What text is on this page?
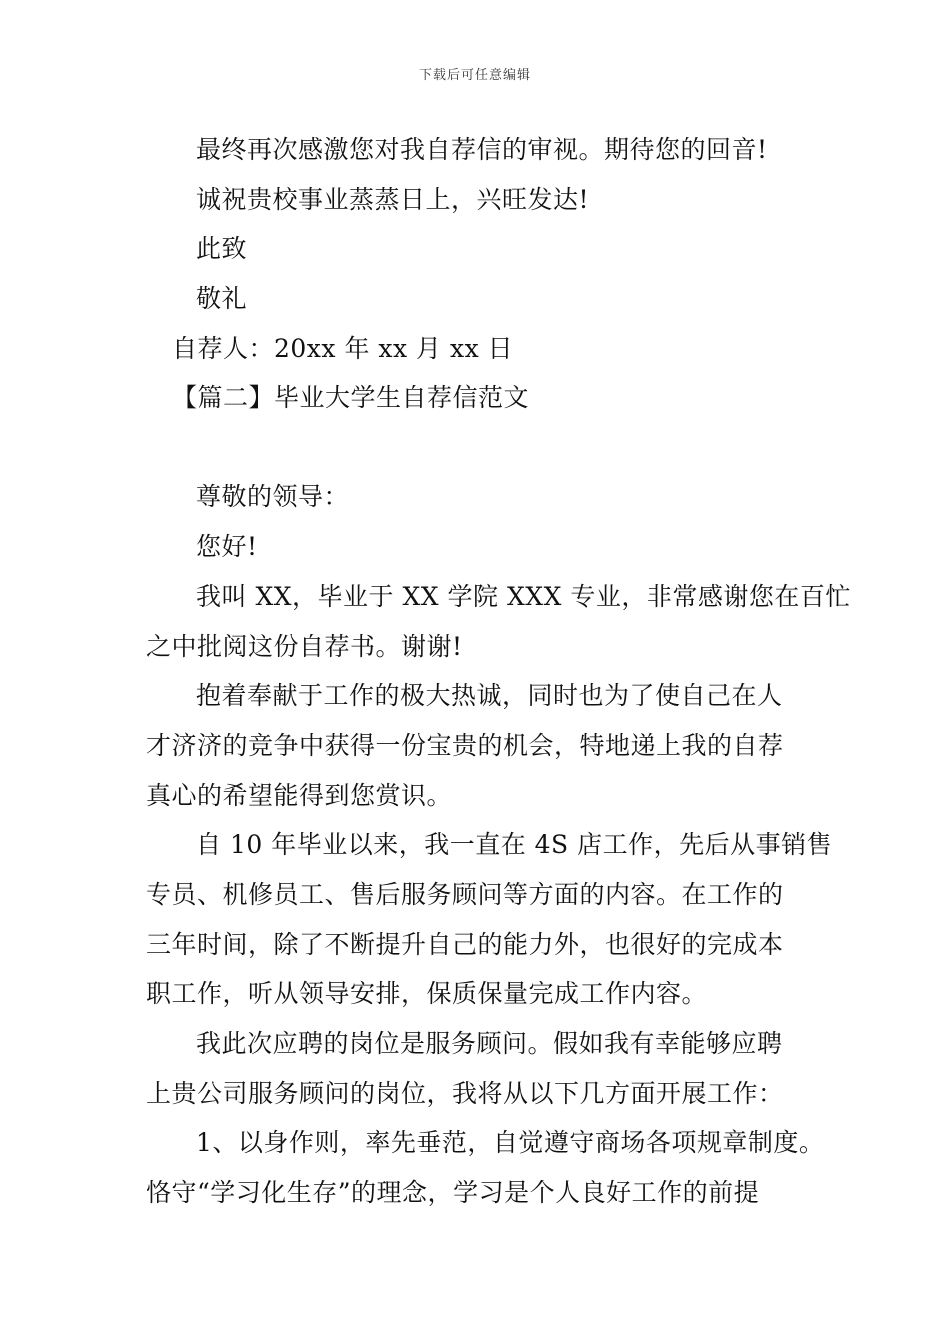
下载后可任意编辑
最终再次感激您对我自荐信的审视。期待您的回音!
诚祝贵校事业蒸蒸日上，兴旺发达!
此致
敬礼
自荐人：20xx 年 xx 月 xx 日
【篇二】毕业大学生自荐信范文
尊敬的领导：
您好!
我叫 XX，毕业于 XX 学院 XXX 专业，非常感谢您在百忙
之中批阅这份自荐书。谢谢!
抱着奉献于工作的极大热诚，同时也为了使自己在人
才济济的竞争中获得一份宝贵的机会，特地递上我的自荐
真心的希望能得到您赏识。
自 10 年毕业以来，我一直在 4S 店工作，先后从事销售
专员、机修员工、售后服务顾问等方面的内容。在工作的
三年时间，除了不断提升自己的能力外，也很好的完成本
职工作，听从领导安排，保质保量完成工作内容。
我此次应聘的岗位是服务顾问。假如我有幸能够应聘
上贵公司服务顾问的岗位，我将从以下几方面开展工作：
1、以身作则，率先垂范，自觉遵守商场各项规章制度。
恪守“学习化生存”的理念，学习是个人良好工作的前提
